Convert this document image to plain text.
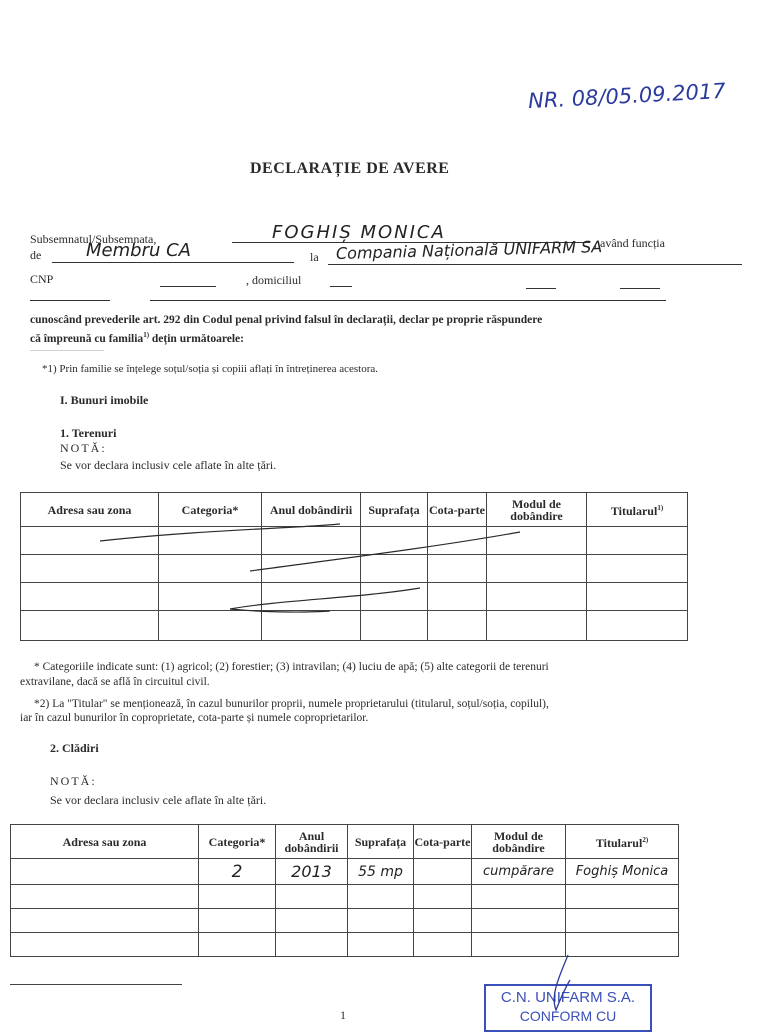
NR. 08/05.09.2017
DECLARAȚIE DE AVERE
Subsemnatul/Subsemnata,	FOGHIȘ MONICA	, având funcția
de Membru CA	la Compania Națională UNIFARM SA
CNP	, domiciliul
cunoscând prevederile art. 292 din Codul penal privind falsul în declarații, declar pe proprie răspundere
că împreună cu familia$^{1)}$ dețin următoarele:
.....................................
*1) Prin familie se înțelege soțul/soția și copiii aflați în întreținerea acestora.
I. Bunuri imobile
1. Terenuri
NOTĂ:
Se vor declara inclusiv cele aflate în alte țări.
Adresa sau zona	Categoria*	Anul dobândirii	Suprafața	Cota-parte	Modul de dobândire	Titularul$^{1)}$

* Categoriile indicate sunt: (1) agricol; (2) forestier; (3) intravilan; (4) luciu de apă; (5) alte categorii de terenuri
extravilane, dacă se află în circuitul civil.
*2) La "Titular" se menționează, în cazul bunurilor proprii, numele proprietarului (titularul, soțul/soția, copilul),
iar în cazul bunurilor în coproprietate, cota-parte și numele coproprietarilor.
2. Clădiri
NOTĂ:
Se vor declara inclusiv cele aflate în alte țări.
Adresa sau zona	Categoria*	Anul dobândirii	Suprafața	Cota-parte	Modul de dobândire	Titularul$^{2)}$
	2	2013	55 mp		cumpărare	Foghiș Monica

1
C.N. UNIFARM S.A.
CONFORM CU
